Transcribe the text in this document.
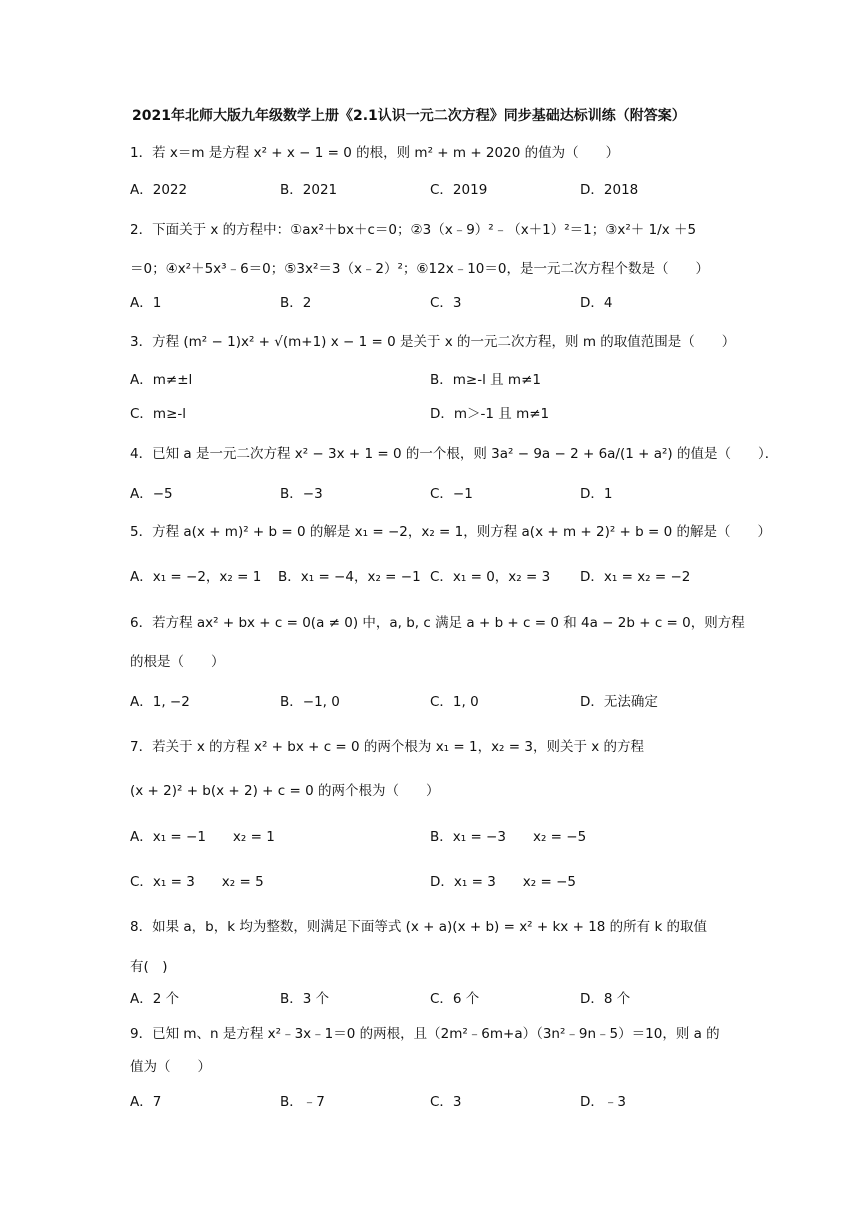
2021年北师大版九年级数学上册《2.1认识一元二次方程》同步基础达标训练（附答案）
1．若 x＝m 是方程 x² + x − 1 = 0 的根，则 m² + m + 2020 的值为（　　）
A．2022	B．2021	C．2019	D．2018
2．下面关于 x 的方程中：①ax²＋bx＋c＝0；②3（x﹣9）²﹣（x＋1）²＝1；③x²＋ 1/x ＋5
＝0；④x²＋5x³﹣6＝0；⑤3x²＝3（x﹣2）²；⑥12x﹣10＝0，是一元二次方程个数是（　　）
A．1	B．2	C．3	D．4
3．方程 (m² − 1)x² + √(m+1) x − 1 = 0 是关于 x 的一元二次方程，则 m 的取值范围是（　　）
A．m≠±l	B．m≥-l 且 m≠1
C．m≥-l	D．m＞-1 且 m≠1
4．已知 a 是一元二次方程 x² − 3x + 1 = 0 的一个根，则 3a² − 9a − 2 + 6a/(1 + a²) 的值是（　　）．
A．−5	B．−3	C．−1	D．1
5．方程 a(x + m)² + b = 0 的解是 x₁ = −2，x₂ = 1，则方程 a(x + m + 2)² + b = 0 的解是（　　）
A．x₁ = −2，x₂ = 1 B．x₁ = −4，x₂ = −1 C．x₁ = 0，x₂ = 3 D．x₁ = x₂ = −2
6．若方程 ax² + bx + c = 0(a ≠ 0) 中，a, b, c 满足 a + b + c = 0 和 4a − 2b + c = 0，则方程
的根是（　　）
A．1, −2	B．−1, 0	C．1, 0	D．无法确定
7．若关于 x 的方程 x² + bx + c = 0 的两个根为 x₁ = 1，x₂ = 3，则关于 x 的方程
(x + 2)² + b(x + 2) + c = 0 的两个根为（　　）
A．x₁ = −1　　x₂ = 1	B．x₁ = −3　　x₂ = −5
C．x₁ = 3　　x₂ = 5	D．x₁ = 3　　x₂ = −5
8．如果 a，b，k 均为整数，则满足下面等式 (x + a)(x + b) = x² + kx + 18 的所有 k 的取值
有(　)
A．2 个	B．3 个	C．6 个	D．8 个
9．已知 m、n 是方程 x²﹣3x﹣1＝0 的两根，且（2m²﹣6m+a）（3n²﹣9n﹣5）＝10，则 a 的
值为（　　）
A．7	B．﹣7	C．3	D．﹣3
